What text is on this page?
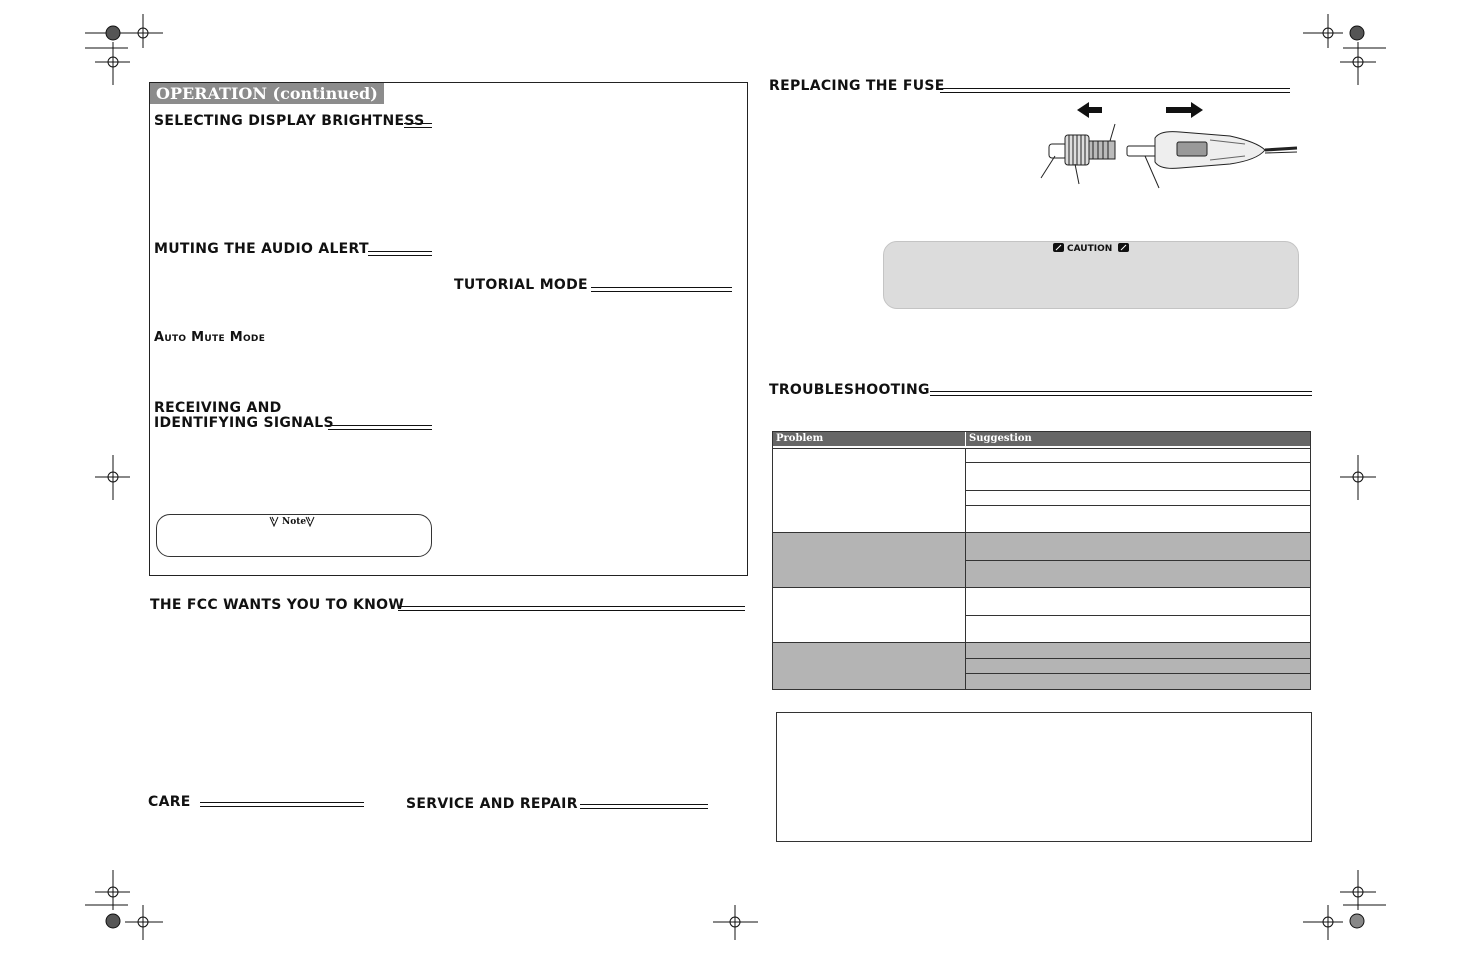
OPERATION (continued)
SELECTING DISPLAY BRIGHTNESS
MUTING THE AUDIO ALERT
TUTORIAL MODE
Auto Mute Mode
RECEIVING AND
IDENTIFYING SIGNALS
Note
THE FCC WANTS YOU TO KNOW
CARE	SERVICE AND REPAIR
REPLACING THE FUSE
CAUTION
TROUBLESHOOTING
Problem	Suggestion
